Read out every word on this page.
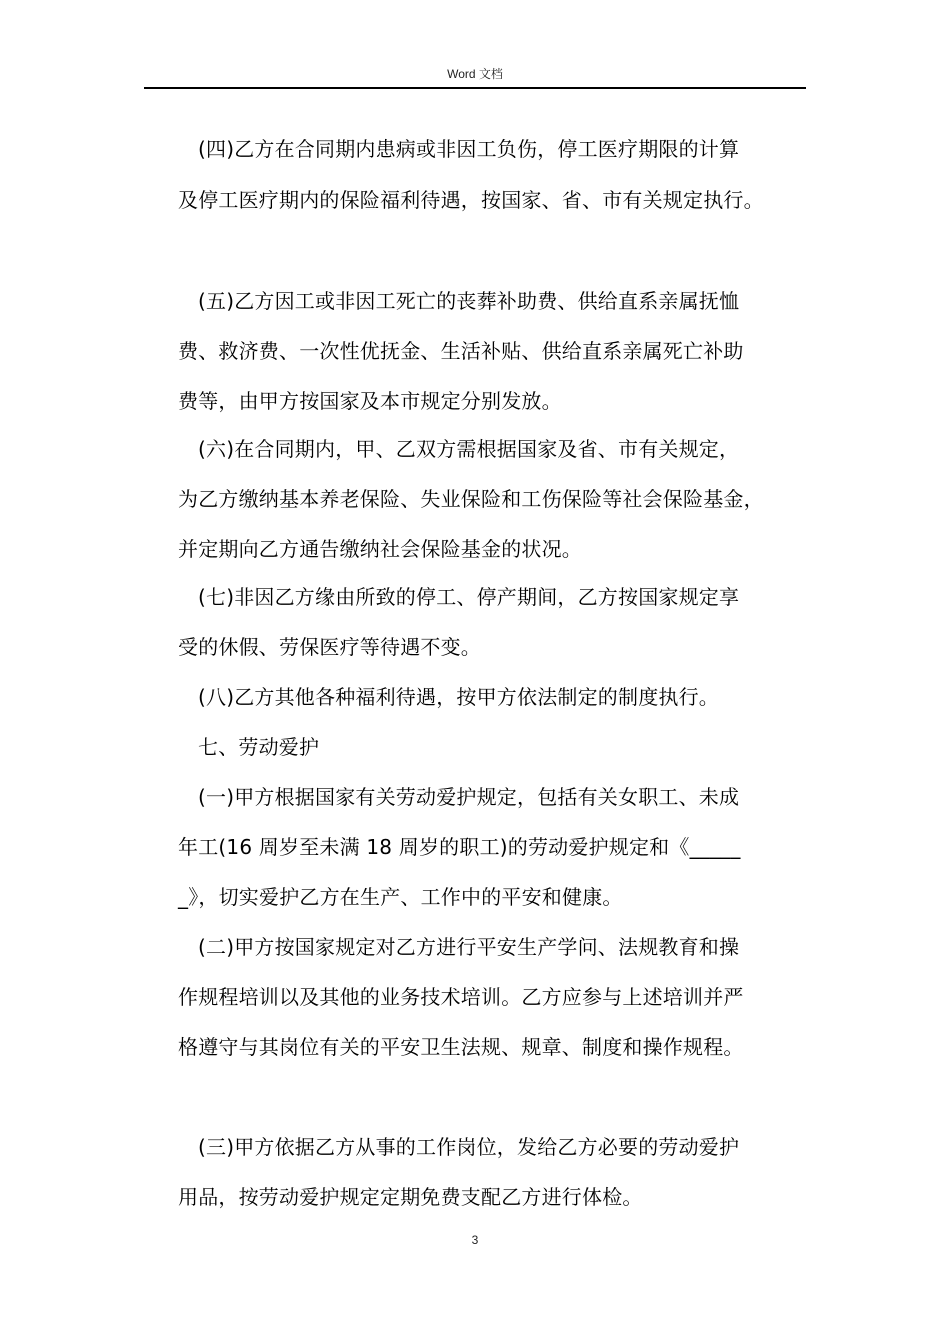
Word 文档

(四)乙方在合同期内患病或非因工负伤，停工医疗期限的计算

及停工医疗期内的保险福利待遇，按国家、省、市有关规定执行。

(五)乙方因工或非因工死亡的丧葬补助费、供给直系亲属抚恤

费、救济费、一次性优抚金、生活补贴、供给直系亲属死亡补助

费等，由甲方按国家及本市规定分别发放。

(六)在合同期内，甲、乙双方需根据国家及省、市有关规定，

为乙方缴纳基本养老保险、失业保险和工伤保险等社会保险基金，

并定期向乙方通告缴纳社会保险基金的状况。

(七)非因乙方缘由所致的停工、停产期间，乙方按国家规定享

受的休假、劳保医疗等待遇不变。

(八)乙方其他各种福利待遇，按甲方依法制定的制度执行。

七、劳动爱护

(一)甲方根据国家有关劳动爱护规定，包括有关女职工、未成

年工(16 周岁至未满 18 周岁的职工)的劳动爱护规定和《_____

_》，切实爱护乙方在生产、工作中的平安和健康。

(二)甲方按国家规定对乙方进行平安生产学问、法规教育和操

作规程培训以及其他的业务技术培训。乙方应参与上述培训并严

格遵守与其岗位有关的平安卫生法规、规章、制度和操作规程。

(三)甲方依据乙方从事的工作岗位，发给乙方必要的劳动爱护

用品，按劳动爱护规定定期免费支配乙方进行体检。

3
